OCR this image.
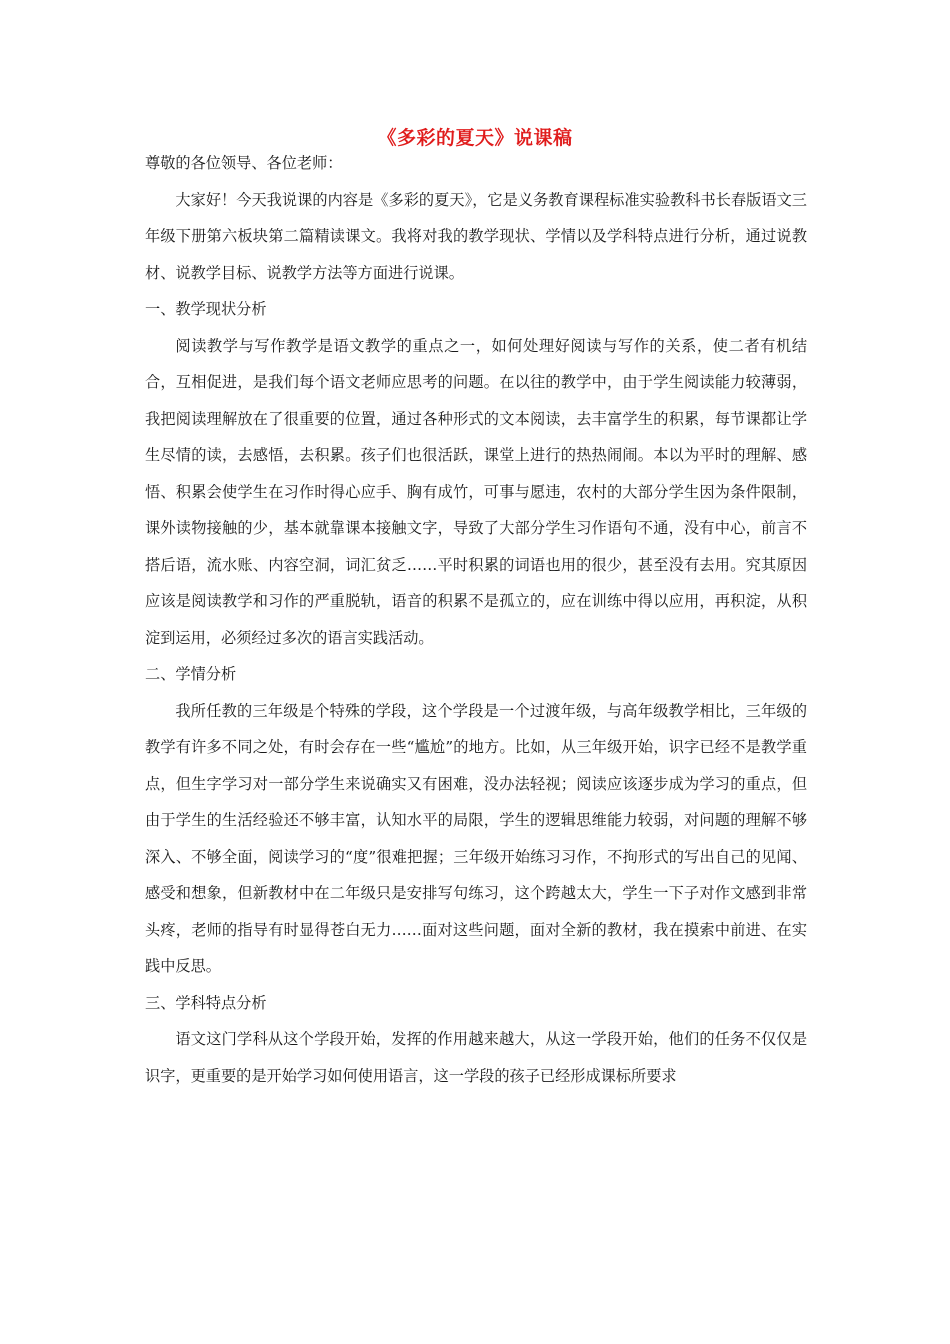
《多彩的夏天》说课稿

尊敬的各位领导、各位老师：

大家好！今天我说课的内容是《多彩的夏天》，它是义务教育课程标准实验教科书长春版语文三年级下册第六板块第二篇精读课文。我将对我的教学现状、学情以及学科特点进行分析，通过说教材、说教学目标、说教学方法等方面进行说课。

一、教学现状分析

阅读教学与写作教学是语文教学的重点之一，如何处理好阅读与写作的关系，使二者有机结合，互相促进，是我们每个语文老师应思考的问题。在以往的教学中，由于学生阅读能力较薄弱，我把阅读理解放在了很重要的位置，通过各种形式的文本阅读，去丰富学生的积累，每节课都让学生尽情的读，去感悟，去积累。孩子们也很活跃，课堂上进行的热热闹闹。本以为平时的理解、感悟、积累会使学生在习作时得心应手、胸有成竹，可事与愿违，农村的大部分学生因为条件限制，课外读物接触的少，基本就靠课本接触文字，导致了大部分学生习作语句不通，没有中心，前言不搭后语，流水账、内容空洞，词汇贫乏……平时积累的词语也用的很少，甚至没有去用。究其原因应该是阅读教学和习作的严重脱轨，语音的积累不是孤立的，应在训练中得以应用，再积淀，从积淀到运用，必须经过多次的语言实践活动。

二、学情分析

我所任教的三年级是个特殊的学段，这个学段是一个过渡年级，与高年级教学相比，三年级的教学有许多不同之处，有时会存在一些“尴尬”的地方。比如，从三年级开始，识字已经不是教学重点，但生字学习对一部分学生来说确实又有困难，没办法轻视；阅读应该逐步成为学习的重点，但由于学生的生活经验还不够丰富，认知水平的局限，学生的逻辑思维能力较弱，对问题的理解不够深入、不够全面，阅读学习的“度”很难把握；三年级开始练习习作，不拘形式的写出自己的见闻、感受和想象，但新教材中在二年级只是安排写句练习，这个跨越太大，学生一下子对作文感到非常头疼，老师的指导有时显得苍白无力……面对这些问题，面对全新的教材，我在摸索中前进、在实践中反思。

三、学科特点分析

语文这门学科从这个学段开始，发挥的作用越来越大，从这一学段开始，他们的任务不仅仅是识字，更重要的是开始学习如何使用语言，这一学段的孩子已经形成课标所要求
